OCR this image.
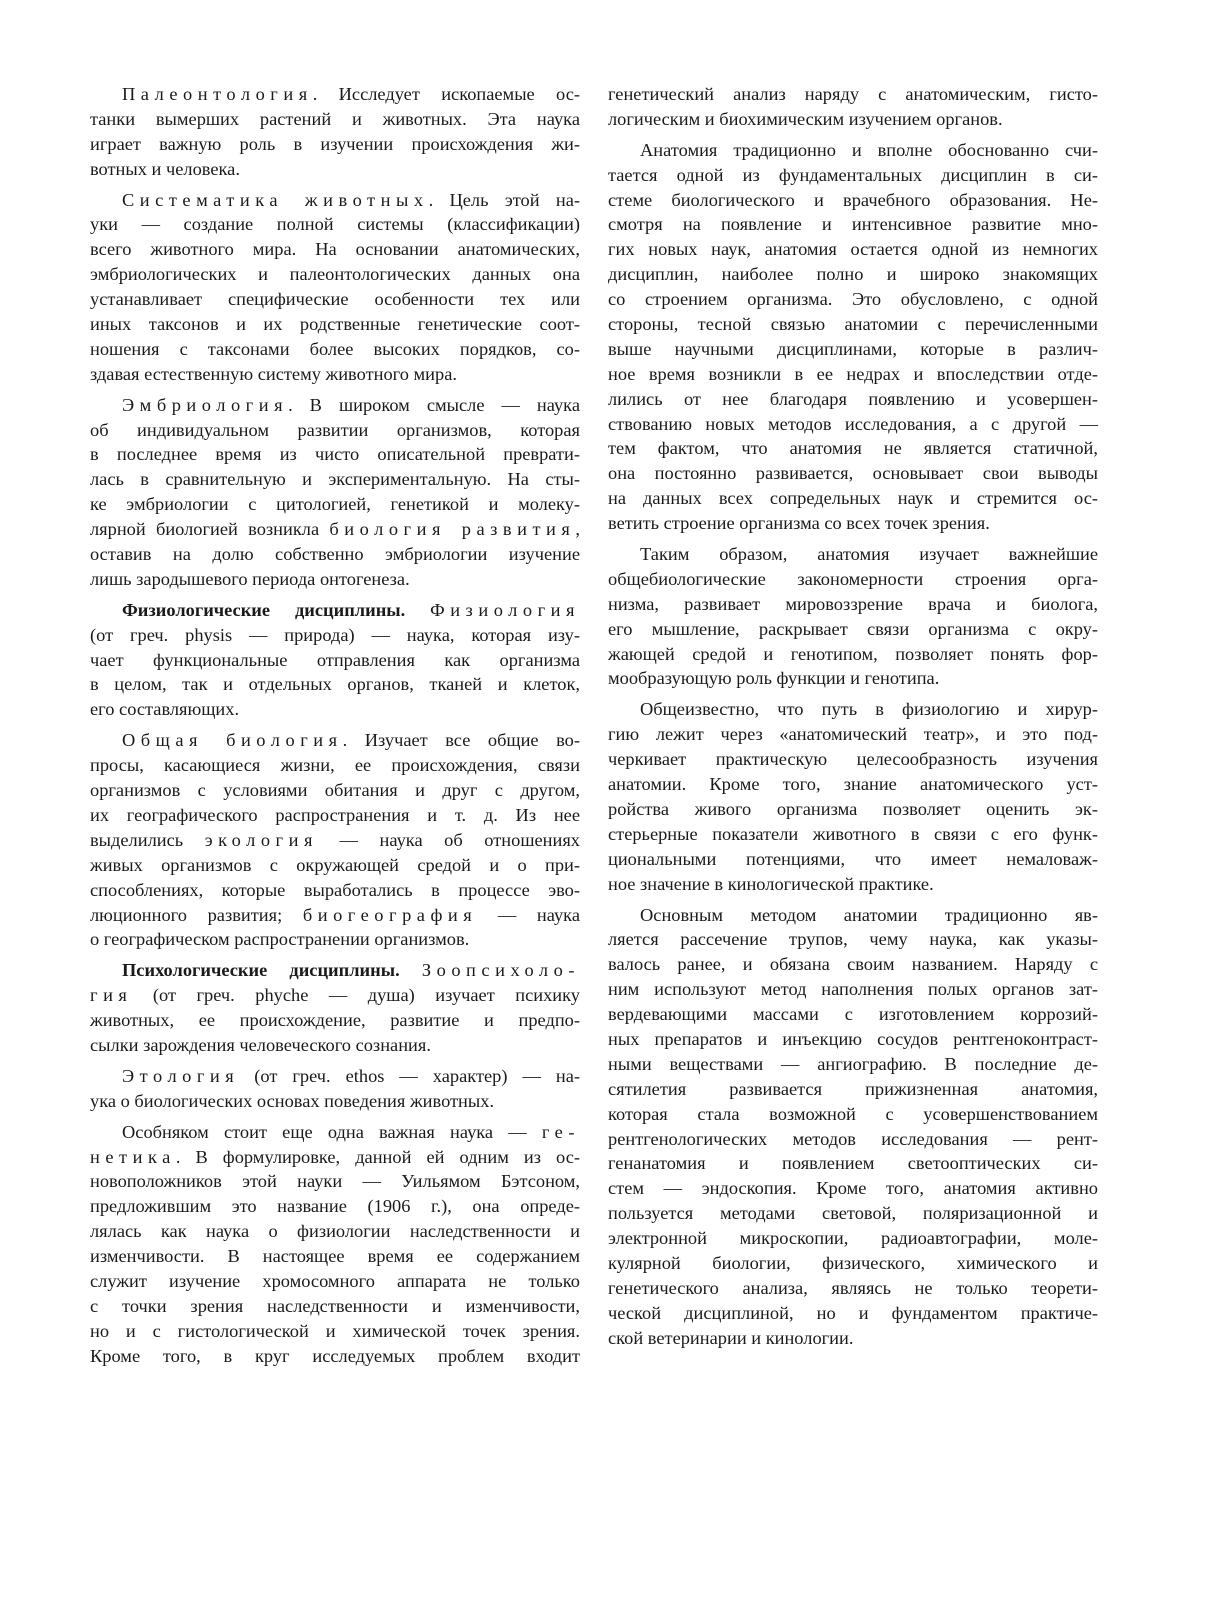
Палеонтология. Исследует ископаемые ос-
танки вымерших растений и животных. Эта наука
играет важную роль в изучении происхождения жи-
вотных и человека.
Систематика животных. Цель этой на-
уки — создание полной системы (классификации)
всего животного мира. На основании анатомических,
эмбриологических и палеонтологических данных она
устанавливает специфические особенности тех или
иных таксонов и их родственные генетические соот-
ношения с таксонами более высоких порядков, со-
здавая естественную систему животного мира.
Эмбриология. В широком смысле — наука
об индивидуальном развитии организмов, которая
в последнее время из чисто описательной преврати-
лась в сравнительную и экспериментальную. На сты-
ке эмбриологии с цитологией, генетикой и молеку-
лярной биологией возникла биология развития,
оставив на долю собственно эмбриологии изучение
лишь зародышевого периода онтогенеза.
Физиологические дисциплины. Физиология
(от греч. physis — природа) — наука, которая изу-
чает функциональные отправления как организма
в целом, так и отдельных органов, тканей и клеток,
его составляющих.
Общая биология. Изучает все общие во-
просы, касающиеся жизни, ее происхождения, связи
организмов с условиями обитания и друг с другом,
их географического распространения и т. д. Из нее
выделились экология — наука об отношениях
живых организмов с окружающей средой и о при-
способлениях, которые выработались в процессе эво-
люционного развития; биогеография — наука
о географическом распространении организмов.
Психологические дисциплины. Зоопсихоло-
гия (от греч. phyche — душа) изучает психику
животных, ее происхождение, развитие и предпо-
сылки зарождения человеческого сознания.
Этология (от греч. ethos — характер) — на-
ука о биологических основах поведения животных.
Особняком стоит еще одна важная наука — ге-
нетика. В формулировке, данной ей одним из ос-
новоположников этой науки — Уильямом Бэтсоном,
предложившим это название (1906 г.), она опреде-
лялась как наука о физиологии наследственности и
изменчивости. В настоящее время ее содержанием
служит изучение хромосомного аппарата не только
с точки зрения наследственности и изменчивости,
но и с гистологической и химической точек зрения.
Кроме того, в круг исследуемых проблем входит
генетический анализ наряду с анатомическим, гисто-
логическим и биохимическим изучением органов.
Анатомия традиционно и вполне обоснованно счи-
тается одной из фундаментальных дисциплин в си-
стеме биологического и врачебного образования. Не-
смотря на появление и интенсивное развитие мно-
гих новых наук, анатомия остается одной из немногих
дисциплин, наиболее полно и широко знакомящих
со строением организма. Это обусловлено, с одной
стороны, тесной связью анатомии с перечисленными
выше научными дисциплинами, которые в различ-
ное время возникли в ее недрах и впоследствии отде-
лились от нее благодаря появлению и усовершен-
ствованию новых методов исследования, а с другой —
тем фактом, что анатомия не является статичной,
она постоянно развивается, основывает свои выводы
на данных всех сопредельных наук и стремится ос-
ветить строение организма со всех точек зрения.
Таким образом, анатомия изучает важнейшие
общебиологические закономерности строения орга-
низма, развивает мировоззрение врача и биолога,
его мышление, раскрывает связи организма с окру-
жающей средой и генотипом, позволяет понять фор-
мообразующую роль функции и генотипа.
Общеизвестно, что путь в физиологию и хирур-
гию лежит через «анатомический театр», и это под-
черкивает практическую целесообразность изучения
анатомии. Кроме того, знание анатомического уст-
ройства живого организма позволяет оценить эк-
стерьерные показатели животного в связи с его функ-
циональными потенциями, что имеет немаловаж-
ное значение в кинологической практике.
Основным методом анатомии традиционно яв-
ляется рассечение трупов, чему наука, как указы-
валось ранее, и обязана своим названием. Наряду с
ним используют метод наполнения полых органов зат-
вердевающими массами с изготовлением коррозий-
ных препаратов и инъекцию сосудов рентгеноконтраст-
ными веществами — ангиографию. В последние де-
сятилетия развивается прижизненная анатомия,
которая стала возможной с усовершенствованием
рентгенологических методов исследования — рент-
генанатомия и появлением светооптических си-
стем — эндоскопия. Кроме того, анатомия активно
пользуется методами световой, поляризационной и
электронной микроскопии, радиоавтографии, моле-
кулярной биологии, физического, химического и
генетического анализа, являясь не только теорети-
ческой дисциплиной, но и фундаментом практиче-
ской ветеринарии и кинологии.
